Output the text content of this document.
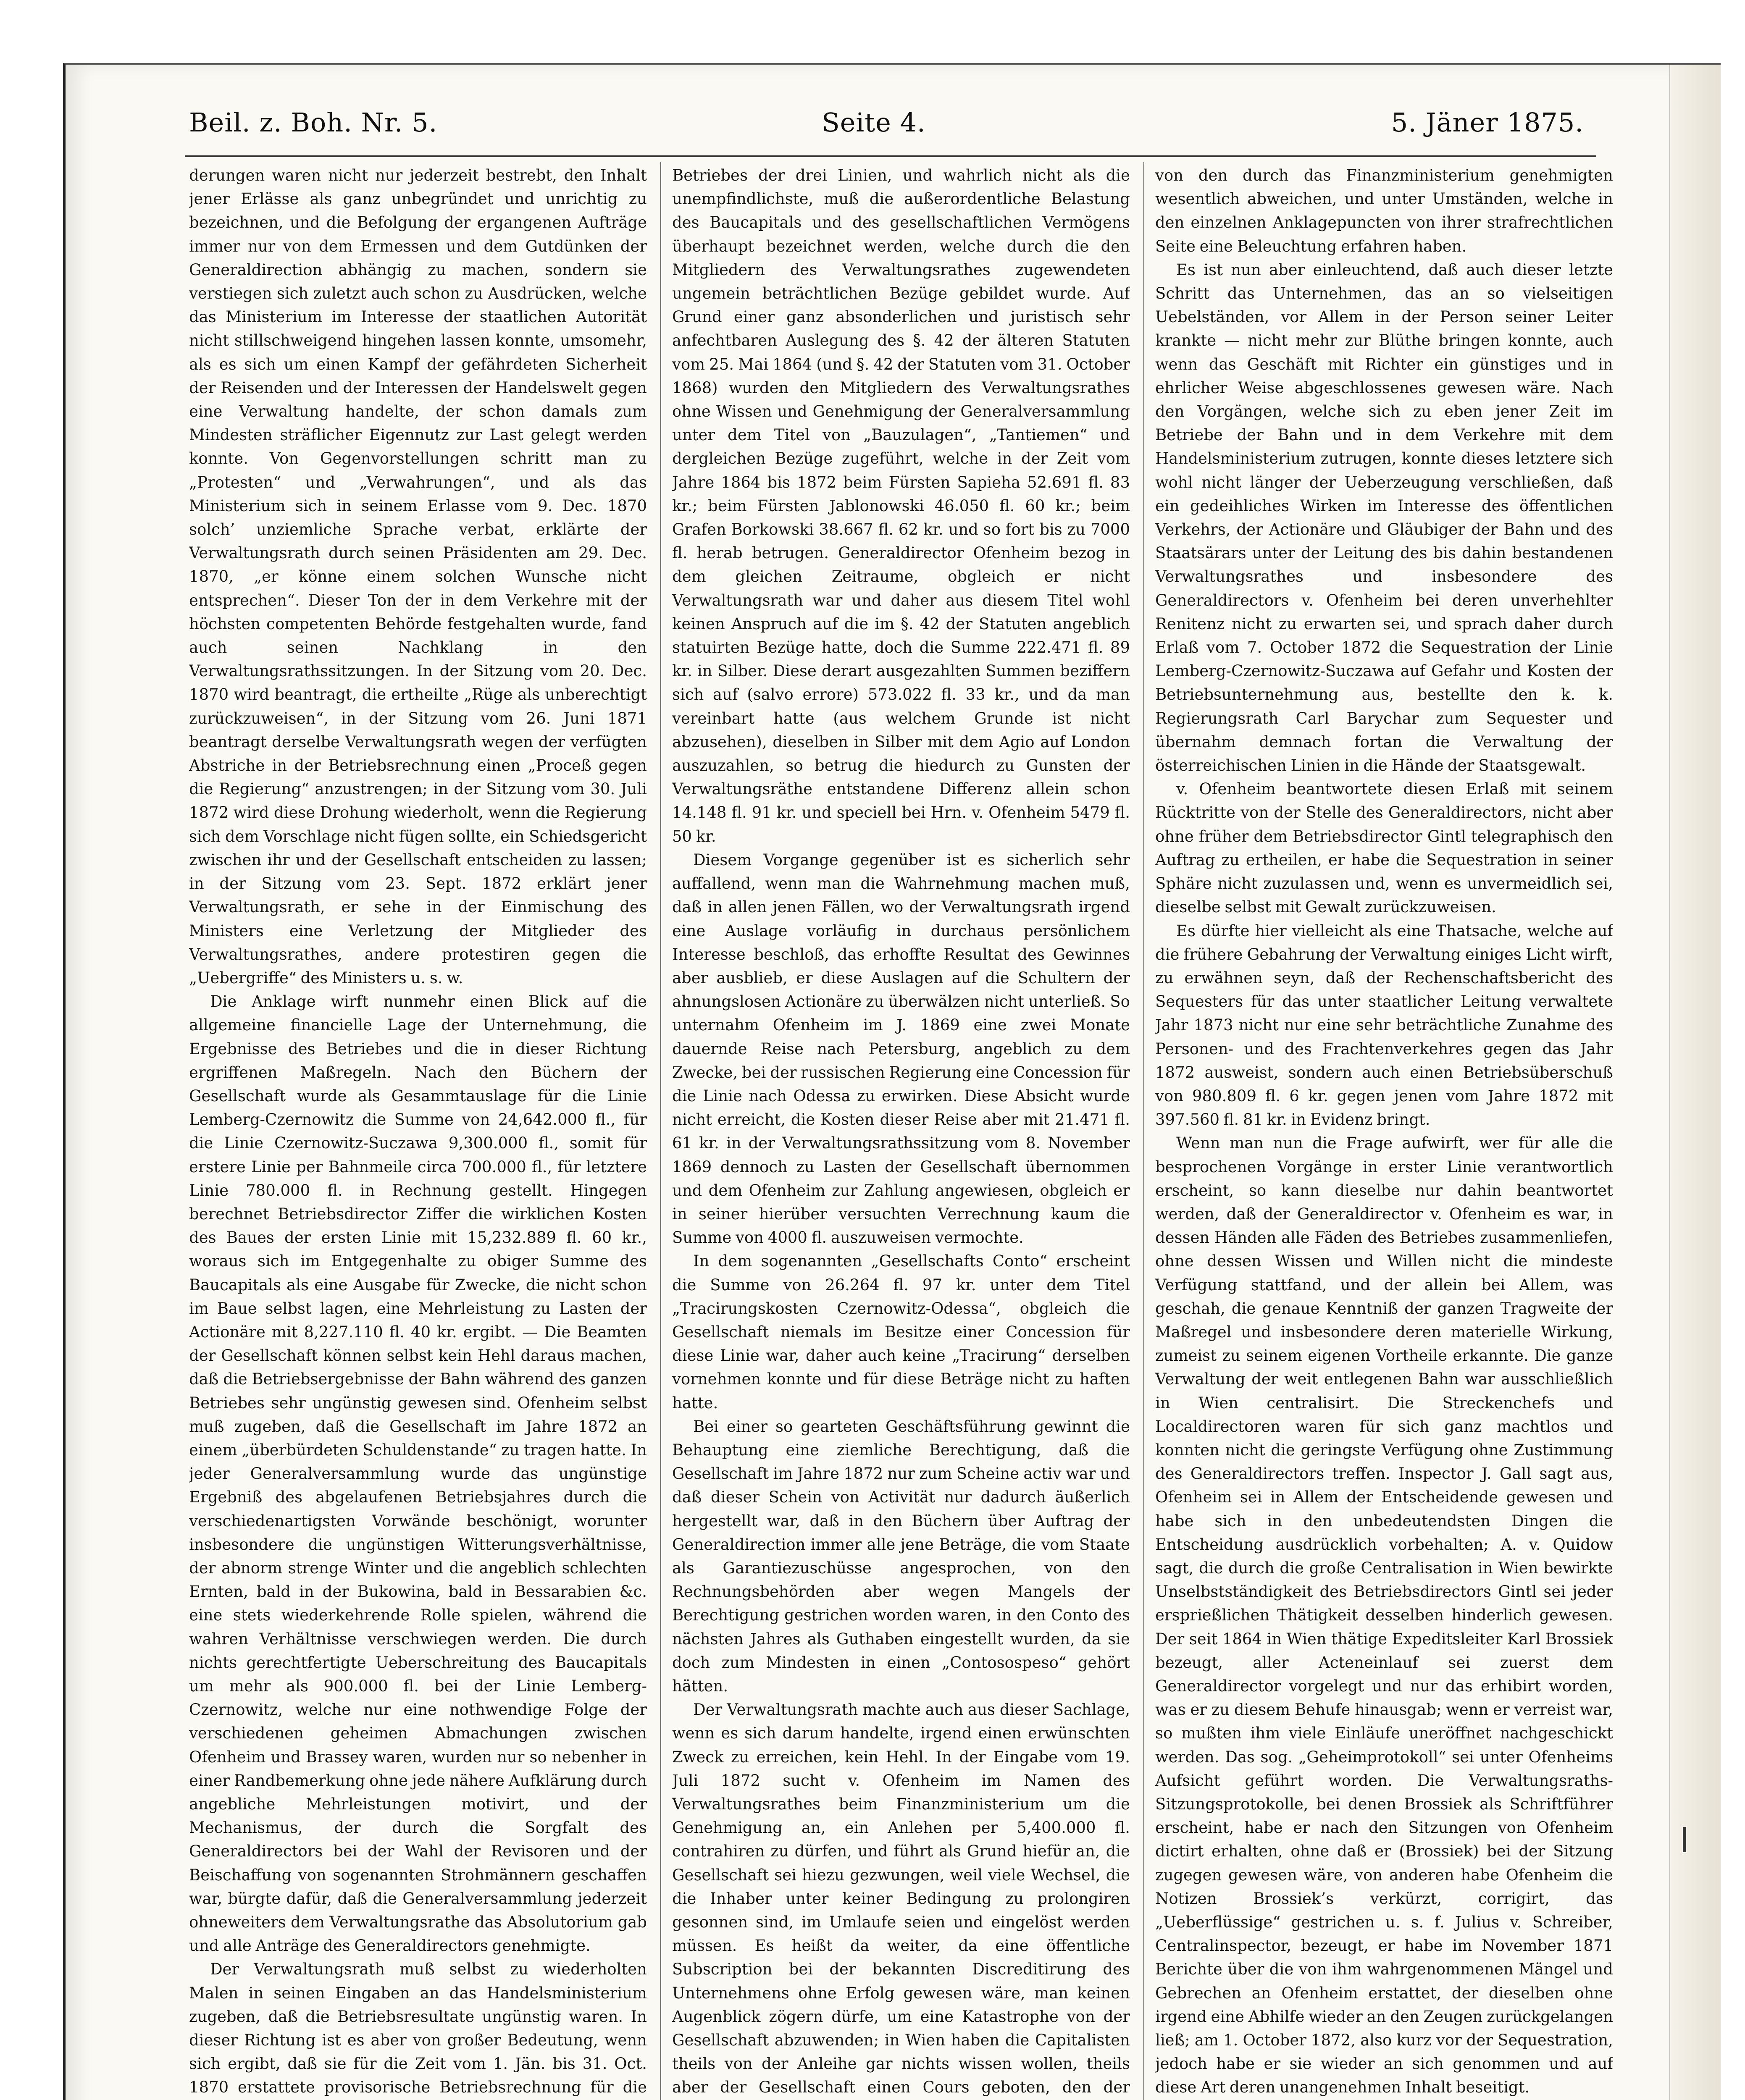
Beil. z. Boh. Nr. 5.	Seite 4.	5. Jäner 1875.

derungen waren nicht nur jederzeit bestrebt, den Inhalt jener Erlässe als ganz unbegründet und unrichtig zu bezeichnen, und die Befolgung der ergangenen Aufträge immer nur von dem Ermessen und dem Gutdünken der Generaldirection abhängig zu machen, sondern sie verstiegen sich zuletzt auch schon zu Ausdrücken, welche das Ministerium im Interesse der staatlichen Autorität nicht stillschweigend hingehen lassen konnte, umsomehr, als es sich um einen Kampf der gefährdeten Sicherheit der Reisenden und der Interessen der Handelswelt gegen eine Verwaltung handelte, der schon damals zum Mindesten sträflicher Eigennutz zur Last gelegt werden konnte. Von Gegenvorstellungen schritt man zu „Protesten“ und „Verwahrungen“, und als das Ministerium sich in seinem Erlasse vom 9. Dec. 1870 solch’ unziemliche Sprache verbat, erklärte der Verwaltungsrath durch seinen Präsidenten am 29. Dec. 1870, „er könne einem solchen Wunsche nicht entsprechen“. Dieser Ton der in dem Verkehre mit der höchsten competenten Behörde festgehalten wurde, fand auch seinen Nachklang in den Verwaltungsrathssitzungen. In der Sitzung vom 20. Dec. 1870 wird beantragt, die ertheilte „Rüge als unberechtigt zurückzuweisen“, in der Sitzung vom 26. Juni 1871 beantragt derselbe Verwaltungsrath wegen der verfügten Abstriche in der Betriebsrechnung einen „Proceß gegen die Regierung“ anzustrengen; in der Sitzung vom 30. Juli 1872 wird diese Drohung wiederholt, wenn die Regierung sich dem Vorschlage nicht fügen sollte, ein Schiedsgericht zwischen ihr und der Gesellschaft entscheiden zu lassen; in der Sitzung vom 23. Sept. 1872 erklärt jener Verwaltungsrath, er sehe in der Einmischung des Ministers eine Verletzung der Mitglieder des Verwaltungsrathes, andere protestiren gegen die „Uebergriffe“ des Ministers u. s. w.

Die Anklage wirft nunmehr einen Blick auf die allgemeine financielle Lage der Unternehmung, die Ergebnisse des Betriebes und die in dieser Richtung ergriffenen Maßregeln. Nach den Büchern der Gesellschaft wurde als Gesammtauslage für die Linie Lemberg-Czernowitz die Summe von 24,642.000 fl., für die Linie Czernowitz-Suczawa 9,300.000 fl., somit für erstere Linie per Bahnmeile circa 700.000 fl., für letztere Linie 780.000 fl. in Rechnung gestellt. Hingegen berechnet Betriebsdirector Ziffer die wirklichen Kosten des Baues der ersten Linie mit 15,232.889 fl. 60 kr., woraus sich im Entgegenhalte zu obiger Summe des Baucapitals als eine Ausgabe für Zwecke, die nicht schon im Baue selbst lagen, eine Mehrleistung zu Lasten der Actionäre mit 8,227.110 fl. 40 kr. ergibt. — Die Beamten der Gesellschaft können selbst kein Hehl daraus machen, daß die Betriebsergebnisse der Bahn während des ganzen Betriebes sehr ungünstig gewesen sind. Ofenheim selbst muß zugeben, daß die Gesellschaft im Jahre 1872 an einem „überbürdeten Schuldenstande“ zu tragen hatte. In jeder Generalversammlung wurde das ungünstige Ergebniß des abgelaufenen Betriebsjahres durch die verschiedenartigsten Vorwände beschönigt, worunter insbesondere die ungünstigen Witterungsverhältnisse, der abnorm strenge Winter und die angeblich schlechten Ernten, bald in der Bukowina, bald in Bessarabien &c. eine stets wiederkehrende Rolle spielen, während die wahren Verhältnisse verschwiegen werden. Die durch nichts gerechtfertigte Ueberschreitung des Baucapitals um mehr als 900.000 fl. bei der Linie Lemberg-Czernowitz, welche nur eine nothwendige Folge der verschiedenen geheimen Abmachungen zwischen Ofenheim und Brassey waren, wurden nur so nebenher in einer Randbemerkung ohne jede nähere Aufklärung durch angebliche Mehrleistungen motivirt, und der Mechanismus, der durch die Sorgfalt des Generaldirectors bei der Wahl der Revisoren und der Beischaffung von sogenannten Strohmännern geschaffen war, bürgte dafür, daß die Generalversammlung jederzeit ohneweiters dem Verwaltungsrathe das Absolutorium gab und alle Anträge des Generaldirectors genehmigte.

Der Verwaltungsrath muß selbst zu wiederholten Malen in seinen Eingaben an das Handelsministerium zugeben, daß die Betriebsresultate ungünstig waren. In dieser Richtung ist es aber von großer Bedeutung, wenn sich ergibt, daß sie für die Zeit vom 1. Jän. bis 31. Oct. 1870 erstattete provisorische Betriebsrechnung für die

Betriebes der drei Linien, und wahrlich nicht als die unempfindlichste, muß die außerordentliche Belastung des Baucapitals und des gesellschaftlichen Vermögens überhaupt bezeichnet werden, welche durch die den Mitgliedern des Verwaltungsrathes zugewendeten ungemein beträchtlichen Bezüge gebildet wurde. Auf Grund einer ganz absonderlichen und juristisch sehr anfechtbaren Auslegung des §. 42 der älteren Statuten vom 25. Mai 1864 (und §. 42 der Statuten vom 31. October 1868) wurden den Mitgliedern des Verwaltungsrathes ohne Wissen und Genehmigung der Generalversammlung unter dem Titel von „Bauzulagen“, „Tantiemen“ und dergleichen Bezüge zugeführt, welche in der Zeit vom Jahre 1864 bis 1872 beim Fürsten Sapieha 52.691 fl. 83 kr.; beim Fürsten Jablonowski 46.050 fl. 60 kr.; beim Grafen Borkowski 38.667 fl. 62 kr. und so fort bis zu 7000 fl. herab betrugen. Generaldirector Ofenheim bezog in dem gleichen Zeitraume, obgleich er nicht Verwaltungsrath war und daher aus diesem Titel wohl keinen Anspruch auf die im §. 42 der Statuten angeblich statuirten Bezüge hatte, doch die Summe 222.471 fl. 89 kr. in Silber. Diese derart ausgezahlten Summen beziffern sich auf (salvo errore) 573.022 fl. 33 kr., und da man vereinbart hatte (aus welchem Grunde ist nicht abzusehen), dieselben in Silber mit dem Agio auf London auszuzahlen, so betrug die hiedurch zu Gunsten der Verwaltungsräthe entstandene Differenz allein schon 14.148 fl. 91 kr. und speciell bei Hrn. v. Ofenheim 5479 fl. 50 kr.

Diesem Vorgange gegenüber ist es sicherlich sehr auffallend, wenn man die Wahrnehmung machen muß, daß in allen jenen Fällen, wo der Verwaltungsrath irgend eine Auslage vorläufig in durchaus persönlichem Interesse beschloß, das erhoffte Resultat des Gewinnes aber ausblieb, er diese Auslagen auf die Schultern der ahnungslosen Actionäre zu überwälzen nicht unterließ. So unternahm Ofenheim im J. 1869 eine zwei Monate dauernde Reise nach Petersburg, angeblich zu dem Zwecke, bei der russischen Regierung eine Concession für die Linie nach Odessa zu erwirken. Diese Absicht wurde nicht erreicht, die Kosten dieser Reise aber mit 21.471 fl. 61 kr. in der Verwaltungsrathssitzung vom 8. November 1869 dennoch zu Lasten der Gesellschaft übernommen und dem Ofenheim zur Zahlung angewiesen, obgleich er in seiner hierüber versuchten Verrechnung kaum die Summe von 4000 fl. auszuweisen vermochte.

In dem sogenannten „Gesellschafts Conto“ erscheint die Summe von 26.264 fl. 97 kr. unter dem Titel „Tracirungskosten Czernowitz-Odessa“, obgleich die Gesellschaft niemals im Besitze einer Concession für diese Linie war, daher auch keine „Tracirung“ derselben vornehmen konnte und für diese Beträge nicht zu haften hatte.

Bei einer so gearteten Geschäftsführung gewinnt die Behauptung eine ziemliche Berechtigung, daß die Gesellschaft im Jahre 1872 nur zum Scheine activ war und daß dieser Schein von Activität nur dadurch äußerlich hergestellt war, daß in den Büchern über Auftrag der Generaldirection immer alle jene Beträge, die vom Staate als Garantiezuschüsse angesprochen, von den Rechnungsbehörden aber wegen Mangels der Berechtigung gestrichen worden waren, in den Conto des nächsten Jahres als Guthaben eingestellt wurden, da sie doch zum Mindesten in einen „Contosospeso“ gehört hätten.

Der Verwaltungsrath machte auch aus dieser Sachlage, wenn es sich darum handelte, irgend einen erwünschten Zweck zu erreichen, kein Hehl. In der Eingabe vom 19. Juli 1872 sucht v. Ofenheim im Namen des Verwaltungsrathes beim Finanzministerium um die Genehmigung an, ein Anlehen per 5,400.000 fl. contrahiren zu dürfen, und führt als Grund hiefür an, die Gesellschaft sei hiezu gezwungen, weil viele Wechsel, die die Inhaber unter keiner Bedingung zu prolongiren gesonnen sind, im Umlaufe seien und eingelöst werden müssen. Es heißt da weiter, da eine öffentliche Subscription bei der bekannten Discreditirung des Unternehmens ohne Erfolg gewesen wäre, man keinen Augenblick zögern dürfe, um eine Katastrophe von der Gesellschaft abzuwenden; in Wien haben die Capitalisten theils von der Anleihe gar nichts wissen wollen, theils aber der Gesellschaft einen Cours geboten, den der

von den durch das Finanzministerium genehmigten wesentlich abweichen, und unter Umständen, welche in den einzelnen Anklagepuncten von ihrer strafrechtlichen Seite eine Beleuchtung erfahren haben.

Es ist nun aber einleuchtend, daß auch dieser letzte Schritt das Unternehmen, das an so vielseitigen Uebelständen, vor Allem in der Person seiner Leiter krankte — nicht mehr zur Blüthe bringen konnte, auch wenn das Geschäft mit Richter ein günstiges und in ehrlicher Weise abgeschlossenes gewesen wäre. Nach den Vorgängen, welche sich zu eben jener Zeit im Betriebe der Bahn und in dem Verkehre mit dem Handelsministerium zutrugen, konnte dieses letztere sich wohl nicht länger der Ueberzeugung verschließen, daß ein gedeihliches Wirken im Interesse des öffentlichen Verkehrs, der Actionäre und Gläubiger der Bahn und des Staatsärars unter der Leitung des bis dahin bestandenen Verwaltungsrathes und insbesondere des Generaldirectors v. Ofenheim bei deren unverhehlter Renitenz nicht zu erwarten sei, und sprach daher durch Erlaß vom 7. October 1872 die Sequestration der Linie Lemberg-Czernowitz-Suczawa auf Gefahr und Kosten der Betriebsunternehmung aus, bestellte den k. k. Regierungsrath Carl Barychar zum Sequester und übernahm demnach fortan die Verwaltung der österreichischen Linien in die Hände der Staatsgewalt.

v. Ofenheim beantwortete diesen Erlaß mit seinem Rücktritte von der Stelle des Generaldirectors, nicht aber ohne früher dem Betriebsdirector Gintl telegraphisch den Auftrag zu ertheilen, er habe die Sequestration in seiner Sphäre nicht zuzulassen und, wenn es unvermeidlich sei, dieselbe selbst mit Gewalt zurückzuweisen.

Es dürfte hier vielleicht als eine Thatsache, welche auf die frühere Gebahrung der Verwaltung einiges Licht wirft, zu erwähnen seyn, daß der Rechenschaftsbericht des Sequesters für das unter staatlicher Leitung verwaltete Jahr 1873 nicht nur eine sehr beträchtliche Zunahme des Personen- und des Frachtenverkehres gegen das Jahr 1872 ausweist, sondern auch einen Betriebsüberschuß von 980.809 fl. 6 kr. gegen jenen vom Jahre 1872 mit 397.560 fl. 81 kr. in Evidenz bringt.

Wenn man nun die Frage aufwirft, wer für alle die besprochenen Vorgänge in erster Linie verantwortlich erscheint, so kann dieselbe nur dahin beantwortet werden, daß der Generaldirector v. Ofenheim es war, in dessen Händen alle Fäden des Betriebes zusammenliefen, ohne dessen Wissen und Willen nicht die mindeste Verfügung stattfand, und der allein bei Allem, was geschah, die genaue Kenntniß der ganzen Tragweite der Maßregel und insbesondere deren materielle Wirkung, zumeist zu seinem eigenen Vortheile erkannte. Die ganze Verwaltung der weit entlegenen Bahn war ausschließlich in Wien centralisirt. Die Streckenchefs und Localdirectoren waren für sich ganz machtlos und konnten nicht die geringste Verfügung ohne Zustimmung des Generaldirectors treffen. Inspector J. Gall sagt aus, Ofenheim sei in Allem der Entscheidende gewesen und habe sich in den unbedeutendsten Dingen die Entscheidung ausdrücklich vorbehalten; A. v. Quidow sagt, die durch die große Centralisation in Wien bewirkte Unselbstständigkeit des Betriebsdirectors Gintl sei jeder ersprießlichen Thätigkeit desselben hinderlich gewesen. Der seit 1864 in Wien thätige Expeditsleiter Karl Brossiek bezeugt, aller Acteneinlauf sei zuerst dem Generaldirector vorgelegt und nur das erhibirt worden, was er zu diesem Behufe hinausgab; wenn er verreist war, so mußten ihm viele Einläufe uneröffnet nachgeschickt werden. Das sog. „Geheimprotokoll“ sei unter Ofenheims Aufsicht geführt worden. Die Verwaltungsraths-Sitzungsprotokolle, bei denen Brossiek als Schriftführer erscheint, habe er nach den Sitzungen von Ofenheim dictirt erhalten, ohne daß er (Brossiek) bei der Sitzung zugegen gewesen wäre, von anderen habe Ofenheim die Notizen Brossiek’s verkürzt, corrigirt, das „Ueberflüssige“ gestrichen u. s. f. Julius v. Schreiber, Centralinspector, bezeugt, er habe im November 1871 Berichte über die von ihm wahrgenommenen Mängel und Gebrechen an Ofenheim erstattet, der dieselben ohne irgend eine Abhilfe wieder an den Zeugen zurückgelangen ließ; am 1. October 1872, also kurz vor der Sequestration, jedoch habe er sie wieder an sich genommen und auf diese Art deren unangenehmen Inhalt beseitigt.
